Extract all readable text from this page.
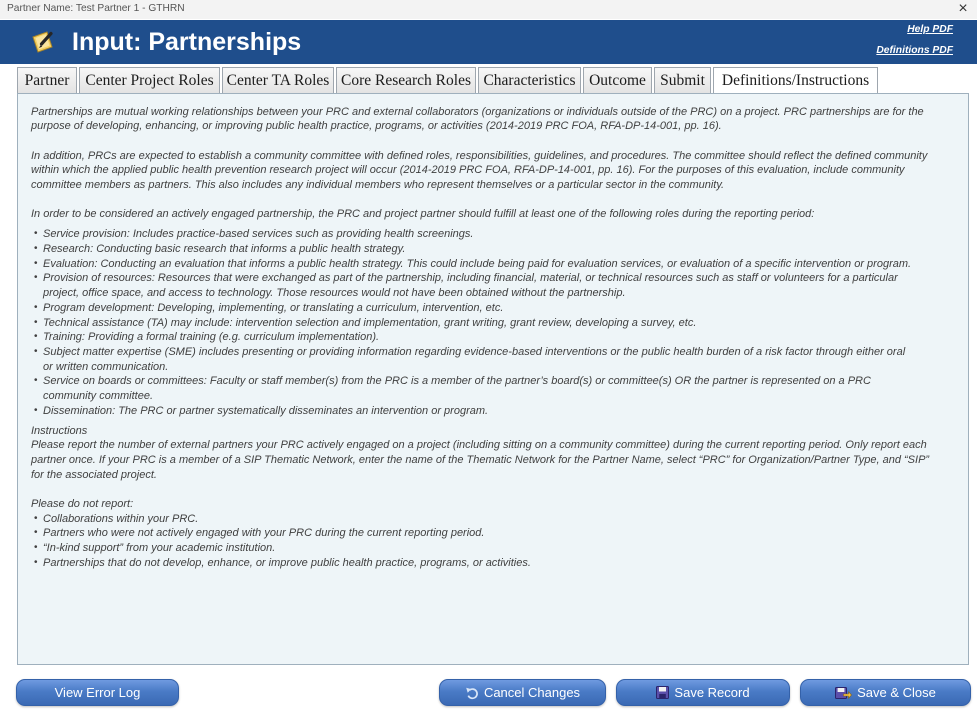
Partner Name: Test Partner 1 - GTHRN	×
Input: Partnerships	Help PDF
Definitions PDF
Partner	Center Project Roles Center TA Roles Core Research Roles Characteristics Outcome Submit	Definitions/Instructions
Partnerships are mutual working relationships between your PRC and external collaborators (organizations or individuals outside of the PRC) on a project. PRC partnerships are for the
purpose of developing, enhancing, or improving public health practice, programs, or activities (2014-2019 PRC FOA, RFA-DP-14-001, pp. 16).
In addition, PRCs are expected to establish a community committee with defined roles, responsibilities, guidelines, and procedures. The committee should reflect the defined community
within which the applied public health prevention research project will occur (2014-2019 PRC FOA, RFA-DP-14-001, pp. 16). For the purposes of this evaluation, include community
committee members as partners. This also includes any individual members who represent themselves or a particular sector in the community.
In order to be considered an actively engaged partnership, the PRC and project partner should fulfill at least one of the following roles during the reporting period:
• Service provision: Includes practice-based services such as providing health screenings.
• Research: Conducting basic research that informs a public health strategy.
• Evaluation: Conducting an evaluation that informs a public health strategy. This could include being paid for evaluation services, or evaluation of a specific intervention or program.
• Provision of resources: Resources that were exchanged as part of the partnership, including financial, material, or technical resources such as staff or volunteers for a particular
project, office space, and access to technology. Those resources would not have been obtained without the partnership.
• Program development: Developing, implementing, or translating a curriculum, intervention, etc.
• Technical assistance (TA) may include: intervention selection and implementation, grant writing, grant review, developing a survey, etc.
• Training: Providing a formal training (e.g. curriculum implementation).
• Subject matter expertise (SME) includes presenting or providing information regarding evidence-based interventions or the public health burden of a risk factor through either oral
or written communication.
• Service on boards or committees: Faculty or staff member(s) from the PRC is a member of the partner’s board(s) or committee(s) OR the partner is represented on a PRC
community committee.
• Dissemination: The PRC or partner systematically disseminates an intervention or program.
Instructions
Please report the number of external partners your PRC actively engaged on a project (including sitting on a community committee) during the current reporting period. Only report each
partner once. If your PRC is a member of a SIP Thematic Network, enter the name of the Thematic Network for the Partner Name, select “PRC” for Organization/Partner Type, and “SIP”
for the associated project.
Please do not report:
• Collaborations within your PRC.
• Partners who were not actively engaged with your PRC during the current reporting period.
• “In-kind support” from your academic institution.
• Partnerships that do not develop, enhance, or improve public health practice, programs, or activities.
View Error Log	Cancel Changes	Save Record	Save & Close
